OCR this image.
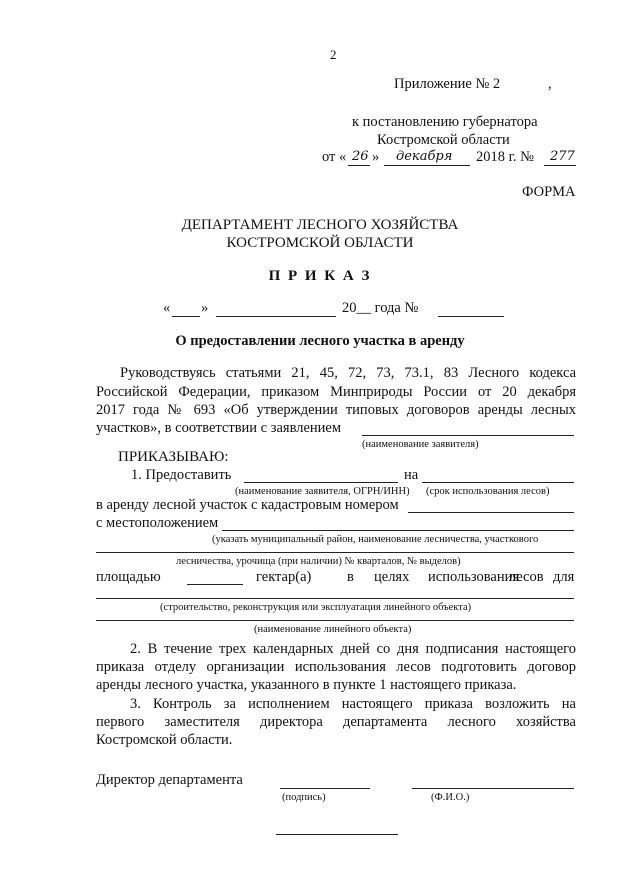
2
Приложение № 2	,
к постановлению губернатора
Костромской области
от « 26 » декабря 2018 г. № 277
ФОРМА
ДЕПАРТАМЕНТ ЛЕСНОГО ХОЗЯЙСТВА
КОСТРОМСКОЙ ОБЛАСТИ
П Р И К А З
« »	20__ года №
О предоставлении лесного участка в аренду
Руководствуясь статьями 21, 45, 72, 73, 73.1, 83 Лесного кодекса
Российской Федерации, приказом Минприроды России от 20 декабря
2017 года № 693 «Об утверждении типовых договоров аренды лесных
участков», в соответствии с заявлением
(наименование заявителя)
ПРИКАЗЫВАЮ:
1. Предоставить	на
(наименование заявителя, ОГРН/ИНН) (срок использования лесов)
в аренду лесной участок с кадастровым номером
с местоположением
(указать муниципальный район, наименование лесничества, участкового
лесничества, урочища (при наличии) № кварталов, № выделов)
площадью	гектар(а) в целях использования
лесов для
(строительство, реконструкция или эксплуатация линейного объекта)
(наименование линейного объекта)
2. В течение трех календарных дней со дня подписания настоящего
приказа отделу организации использования лесов подготовить договор
аренды лесного участка, указанного в пункте 1 настоящего приказа.
3. Контроль за исполнением настоящего приказа возложить на
первого заместителя директора департамента лесного хозяйства
Костромской области.
Директор департамента
(подпись)	(Ф.И.О.)
